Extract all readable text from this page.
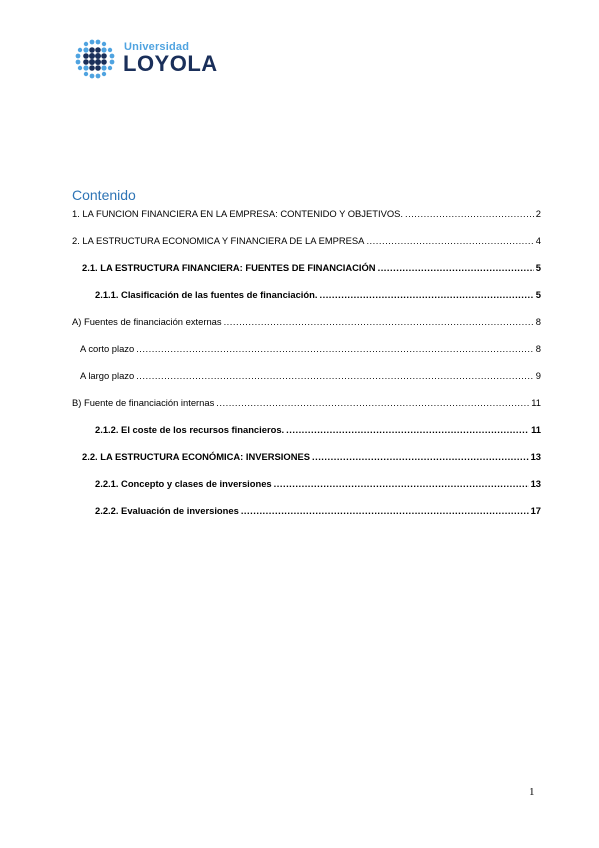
Universidad
LOYOLA
Contenido
1. LA FUNCION FINANCIERA EN LA EMPRESA: CONTENIDO Y OBJETIVOS. .....	2
2. LA ESTRUCTURA ECONOMICA Y FINANCIERA DE LA EMPRESA .....	4
2.1. LA ESTRUCTURA FINANCIERA: FUENTES DE FINANCIACIÓN .....	5
2.1.1. Clasificación de las fuentes de financiación. .....	5
A) Fuentes de financiación externas .....	8
A corto plazo .....	8
A largo plazo .....	9
B) Fuente de financiación internas .....	11
2.1.2. El coste de los recursos financieros. .....	11
2.2. LA ESTRUCTURA ECONÓMICA: INVERSIONES .....	13
2.2.1. Concepto y clases de inversiones .....	13
2.2.2. Evaluación de inversiones .....	17
1
